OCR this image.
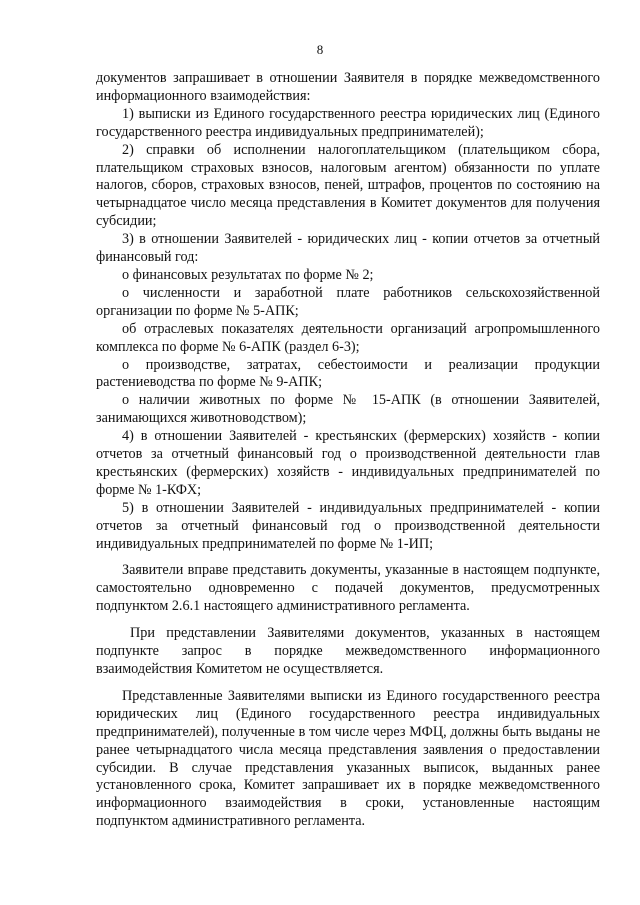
8

документов запрашивает в отношении Заявителя в порядке межведомственного информационного взаимодействия:

1) выписки из Единого государственного реестра юридических лиц (Единого государственного реестра индивидуальных предпринимателей);

2) справки об исполнении налогоплательщиком (плательщиком сбора, плательщиком страховых взносов, налоговым агентом) обязанности по уплате налогов, сборов, страховых взносов, пеней, штрафов, процентов по состоянию на четырнадцатое число месяца представления в Комитет документов для получения субсидии;

3) в отношении Заявителей - юридических лиц - копии отчетов за отчетный финансовый год:

о финансовых результатах по форме № 2;

о численности и заработной плате работников сельскохозяйственной организации по форме № 5-АПК;

об отраслевых показателях деятельности организаций агропромышленного комплекса по форме № 6-АПК (раздел 6-3);

о производстве, затратах, себестоимости и реализации продукции растениеводства по форме № 9-АПК;

о наличии животных по форме № 15-АПК (в отношении Заявителей, занимающихся животноводством);

4) в отношении Заявителей - крестьянских (фермерских) хозяйств - копии отчетов за отчетный финансовый год о производственной деятельности глав крестьянских (фермерских) хозяйств - индивидуальных предпринимателей по форме № 1-КФХ;

5) в отношении Заявителей - индивидуальных предпринимателей - копии отчетов за отчетный финансовый год о производственной деятельности индивидуальных предпринимателей по форме № 1-ИП;

Заявители вправе представить документы, указанные в настоящем подпункте, самостоятельно одновременно с подачей документов, предусмотренных подпунктом 2.6.1 настоящего административного регламента.

При представлении Заявителями документов, указанных в настоящем подпункте запрос в порядке межведомственного информационного взаимодействия Комитетом не осуществляется.

Представленные Заявителями выписки из Единого государственного реестра юридических лиц (Единого государственного реестра индивидуальных предпринимателей), полученные в том числе через МФЦ, должны быть выданы не ранее четырнадцатого числа месяца представления заявления о предоставлении субсидии. В случае представления указанных выписок, выданных ранее установленного срока, Комитет запрашивает их в порядке межведомственного информационного взаимодействия в сроки, установленные настоящим подпунктом административного регламента.
